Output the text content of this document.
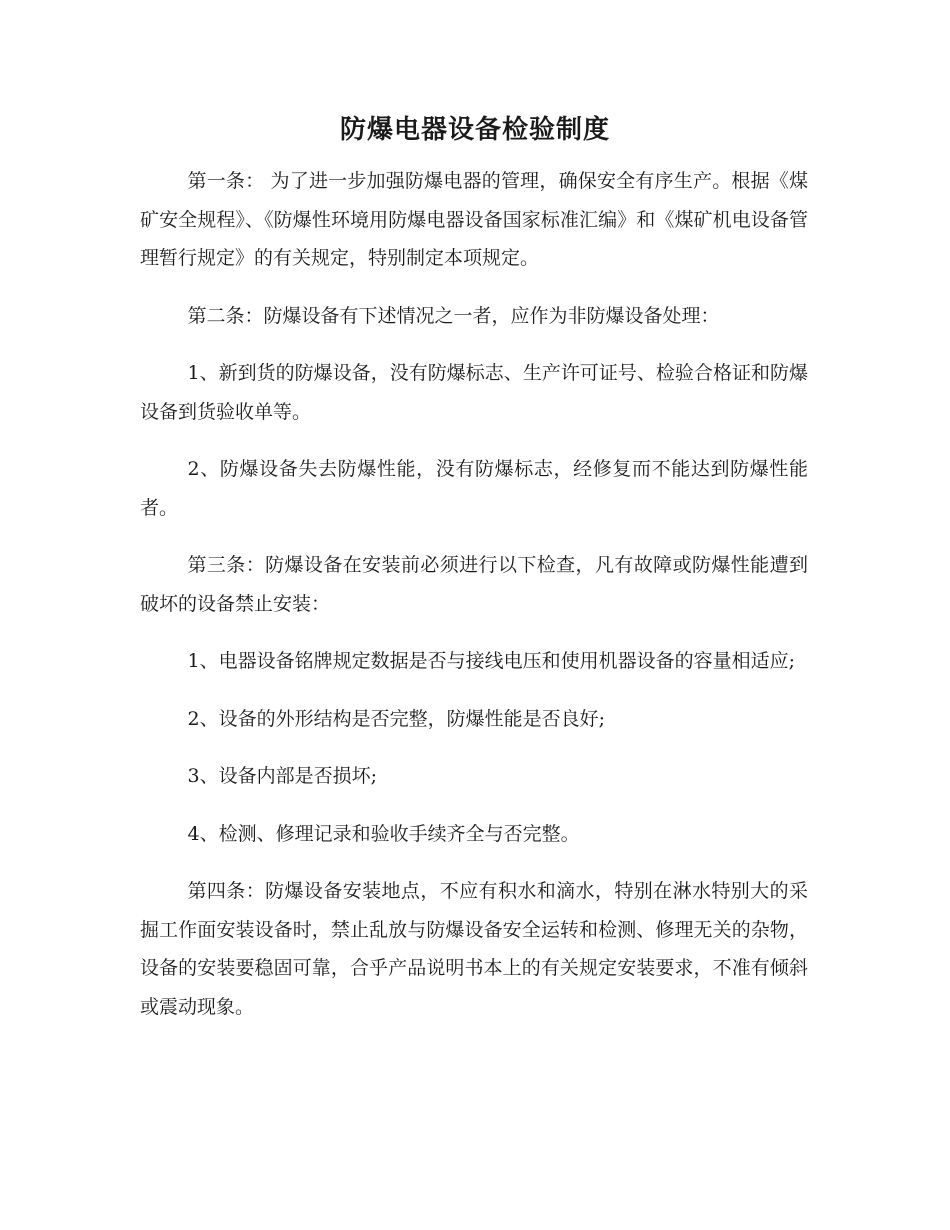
防爆电器设备检验制度

第一条： 为了进一步加强防爆电器的管理，确保安全有序生产。根据《煤矿安全规程》、《防爆性环境用防爆电器设备国家标准汇编》和《煤矿机电设备管理暂行规定》的有关规定，特别制定本项规定。

第二条：防爆设备有下述情况之一者，应作为非防爆设备处理：

1、新到货的防爆设备，没有防爆标志、生产许可证号、检验合格证和防爆设备到货验收单等。

2、防爆设备失去防爆性能，没有防爆标志，经修复而不能达到防爆性能者。

第三条：防爆设备在安装前必须进行以下检查，凡有故障或防爆性能遭到破坏的设备禁止安装：

1、电器设备铭牌规定数据是否与接线电压和使用机器设备的容量相适应;

2、设备的外形结构是否完整，防爆性能是否良好;

3、设备内部是否损坏;

4、检测、修理记录和验收手续齐全与否完整。

第四条：防爆设备安装地点，不应有积水和滴水，特别在淋水特别大的采掘工作面安装设备时，禁止乱放与防爆设备安全运转和检测、修理无关的杂物，设备的安装要稳固可靠，合乎产品说明书本上的有关规定安装要求，不准有倾斜或震动现象。
